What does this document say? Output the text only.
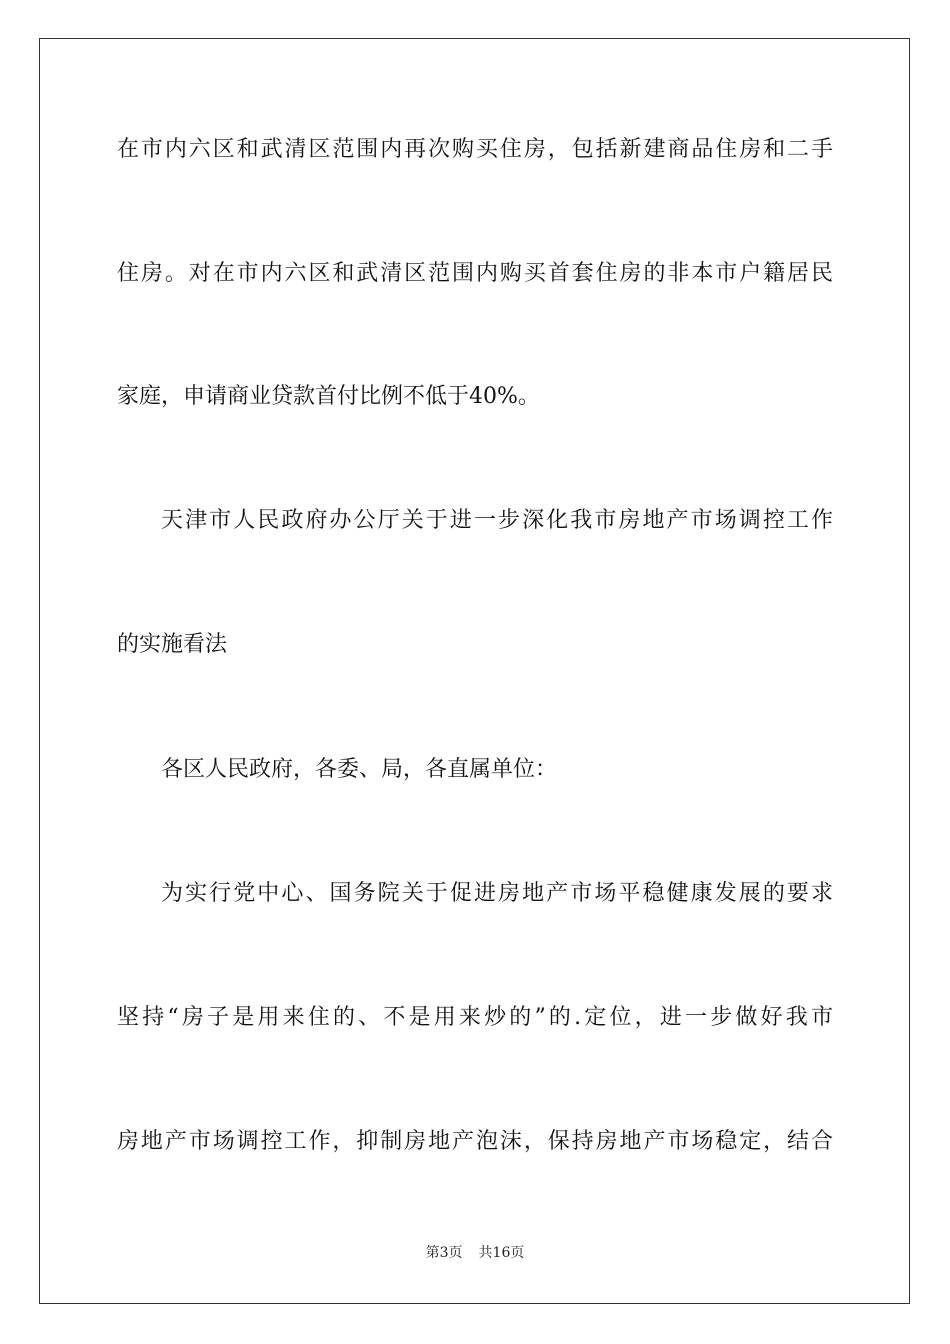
在市内六区和武清区范围内再次购买住房，包括新建商品住房和二手
住房。对在市内六区和武清区范围内购买首套住房的非本市户籍居民
家庭，申请商业贷款首付比例不低于40%。
天津市人民政府办公厅关于进一步深化我市房地产市场调控工作
的实施看法
各区人民政府，各委、局，各直属单位：
为实行党中心、国务院关于促进房地产市场平稳健康发展的要求
坚持“房子是用来住的、不是用来炒的”的.定位，进一步做好我市
房地产市场调控工作，抑制房地产泡沫，保持房地产市场稳定，结合
第3页 共16页
